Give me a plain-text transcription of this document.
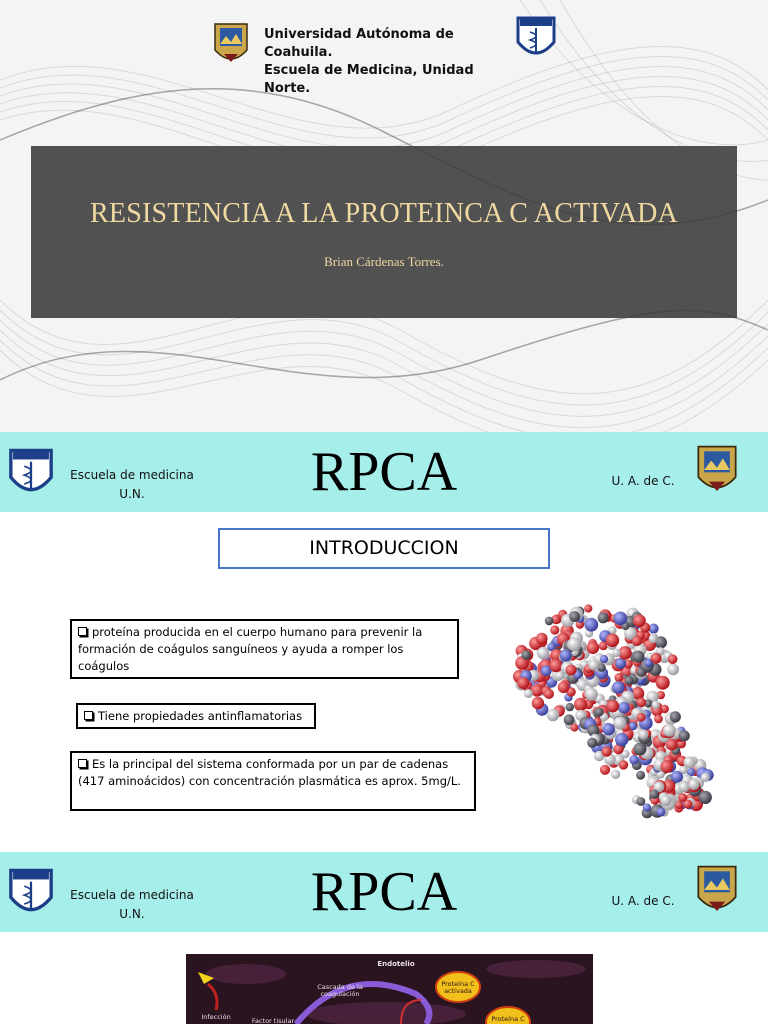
Universidad Autónoma de Coahuila.
Escuela de Medicina, Unidad Norte.
RESISTENCIA A LA PROTEINCA C ACTIVADA
Brian Cárdenas Torres.
Escuela de medicina
U.N.	RPCA	U. A. de C.
INTRODUCCION
proteína producida en el cuerpo humano para prevenir la formación de coágulos sanguíneos y ayuda a romper los coágulos
Tiene propiedades antinflamatorias
Es la principal del sistema conformada por un par de cadenas (417 aminoácidos) con concentración plasmática es aprox. 5mg/L.
Escuela de medicina
U.N.	RPCA	U. A. de C.
Endotelio
Cascada de la coagulación
Infección	Factor tisular
Proteína C activada
Proteína C
